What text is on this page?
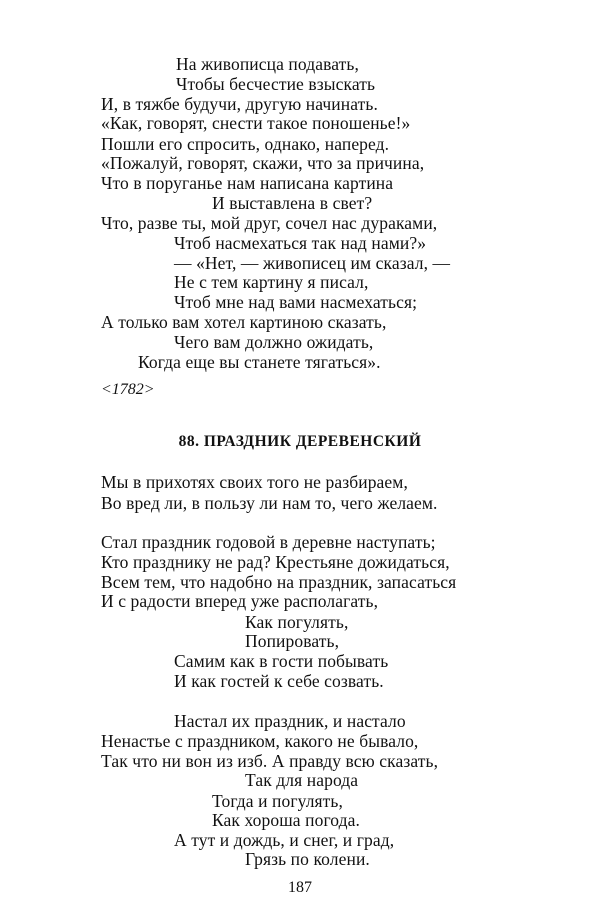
На живописца подавать,
Чтобы бесчестие взыскать
И, в тяжбе будучи, другую начинать.
«Как, говорят, снести такое поношенье!»
Пошли его спросить, однако, наперед.
«Пожалуй, говорят, скажи, что за причина,
Что в поруганье нам написана картина
И выставлена в свет?
Что, разве ты, мой друг, сочел нас дураками,
Чтоб насмехаться так над нами?»
— «Нет, — живописец им сказал, —
Не с тем картину я писал,
Чтоб мне над вами насмехаться;
А только вам хотел картиною сказать,
Чего вам должно ожидать,
Когда еще вы станете тягаться».
<1782>
88. ПРАЗДНИК ДЕРЕВЕНСКИЙ
Мы в прихотях своих того не разбираем,
Во вред ли, в пользу ли нам то, чего желаем.
Стал праздник годовой в деревне наступать;
Кто празднику не рад? Крестьяне дожидаться,
Всем тем, что надобно на праздник, запасаться
И с радости вперед уже располагать,
Как погулять,
Попировать,
Самим как в гости побывать
И как гостей к себе созвать.
Настал их праздник, и настало
Ненастье с праздником, какого не бывало,
Так что ни вон из изб. А правду всю сказать,
Так для народа
Тогда и погулять,
Как хороша погода.
А тут и дождь, и снег, и град,
Грязь по колени.
187
